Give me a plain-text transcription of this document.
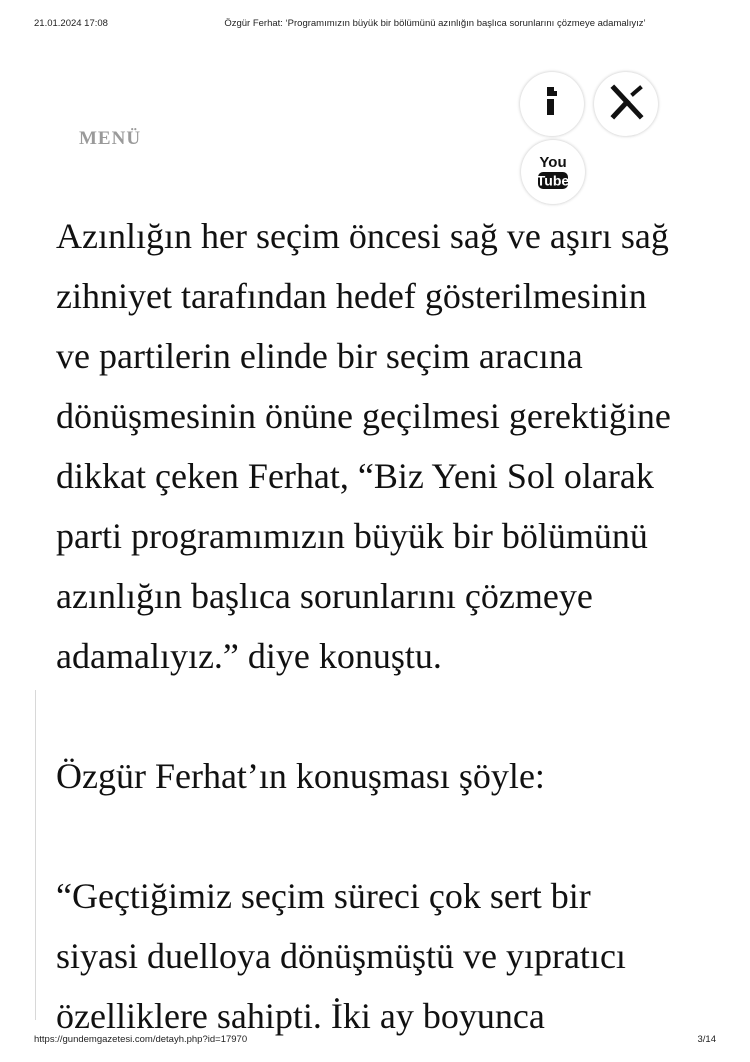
21.01.2024 17:08	Özgür Ferhat: ‘Programımızın büyük bir bölümünü azınlığın başlıca sorunlarını çözmeye adamalıyız’
MENÜ
You
Tube

Azınlığın her seçim öncesi sağ ve aşırı sağ
zihniyet tarafından hedef gösterilmesinin
ve partilerin elinde bir seçim aracına
dönüşmesinin önüne geçilmesi gerektiğine
dikkat çeken Ferhat, “Biz Yeni Sol olarak
parti programımızın büyük bir bölümünü
azınlığın başlıca sorunlarını çözmeye
adamalıyız.” diye konuştu.

Özgür Ferhat’ın konuşması şöyle:

“Geçtiğimiz seçim süreci çok sert bir
siyasi duelloya dönüşmüştü ve yıpratıcı
özelliklere sahipti. İki ay boyunca

https://gundemgazetesi.com/detayh.php?id=17970	3/14
